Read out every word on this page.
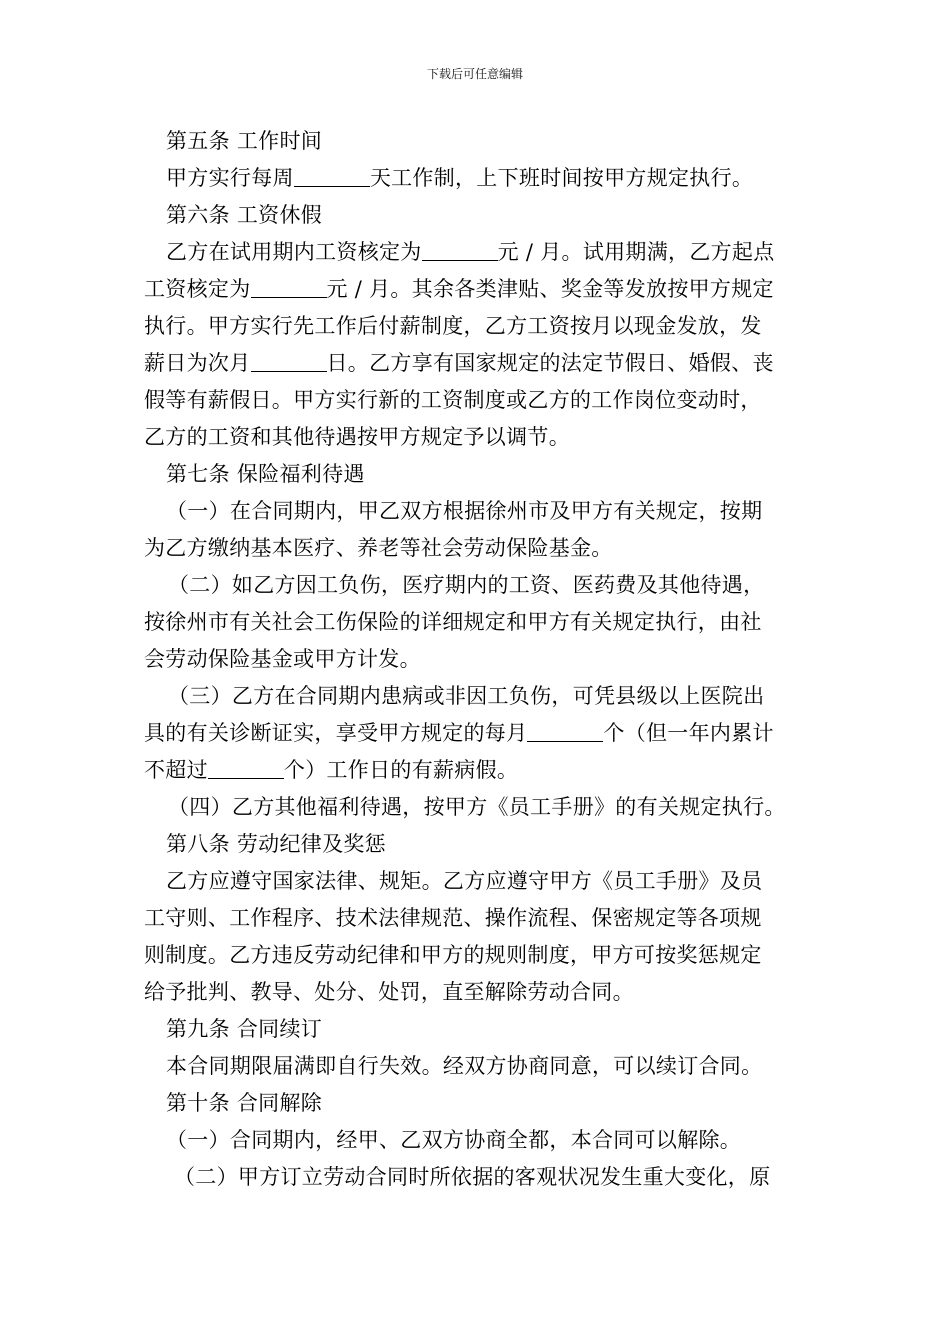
下载后可任意编辑
第五条 工作时间
甲方实行每周	天工作制，上下班时间按甲方规定执行。
第六条 工资休假
乙方在试用期内工资核定为	元 / 月。试用期满，乙方起点
工资核定为	元 / 月。其余各类津贴、奖金等发放按甲方规定
执行。甲方实行先工作后付薪制度，乙方工资按月以现金发放，发
薪日为次月	日。乙方享有国家规定的法定节假日、婚假、丧
假等有薪假日。甲方实行新的工资制度或乙方的工作岗位变动时，
乙方的工资和其他待遇按甲方规定予以调节。
第七条 保险福利待遇
（一）在合同期内，甲乙双方根据徐州市及甲方有关规定，按期
为乙方缴纳基本医疗、养老等社会劳动保险基金。
（二）如乙方因工负伤，医疗期内的工资、医药费及其他待遇，
按徐州市有关社会工伤保险的详细规定和甲方有关规定执行，由社
会劳动保险基金或甲方计发。
（三）乙方在合同期内患病或非因工负伤，可凭县级以上医院出
具的有关诊断证实，享受甲方规定的每月	个（但一年内累计
不超过	个）工作日的有薪病假。
（四）乙方其他福利待遇，按甲方《员工手册》的有关规定执行。
第八条 劳动纪律及奖惩
乙方应遵守国家法律、规矩。乙方应遵守甲方《员工手册》及员
工守则、工作程序、技术法律规范、操作流程、保密规定等各项规
则制度。乙方违反劳动纪律和甲方的规则制度，甲方可按奖惩规定
给予批判、教导、处分、处罚，直至解除劳动合同。
第九条 合同续订
本合同期限届满即自行失效。经双方协商同意，可以续订合同。
第十条 合同解除
（一）合同期内，经甲、乙双方协商全都，本合同可以解除。
（二）甲方订立劳动合同时所依据的客观状况发生重大变化，原
